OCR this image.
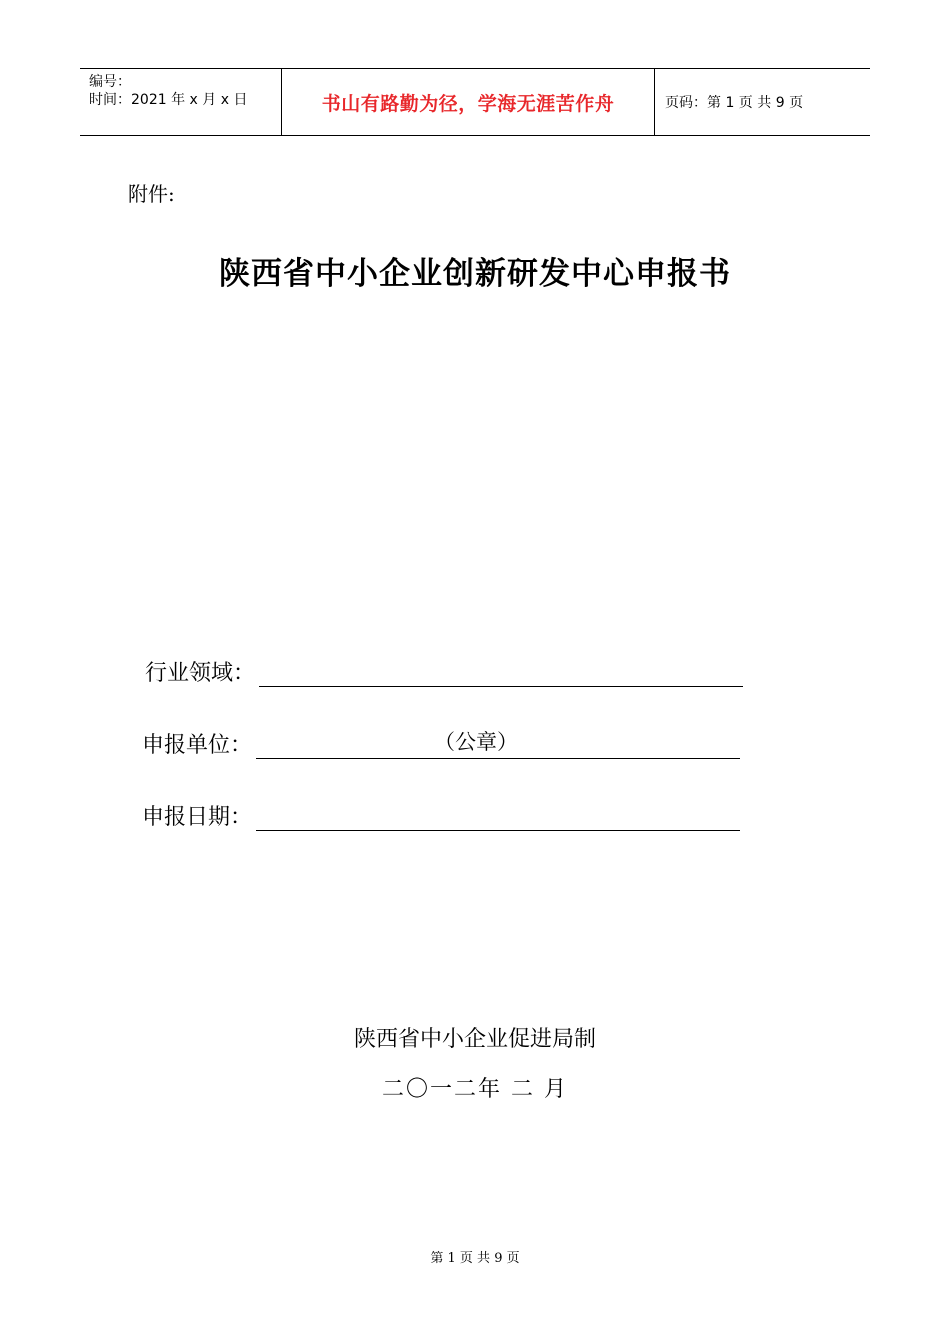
编号：
时间：2021 年 x 月 x 日	书山有路勤为径，学海无涯苦作舟	页码：第 1 页 共 9 页
附件:
陕西省中小企业创新研发中心申报书
行业领域：
申报单位：	（公章）
申报日期：
陕西省中小企业促进局制
二〇一二年 二 月
第 1 页 共 9 页
